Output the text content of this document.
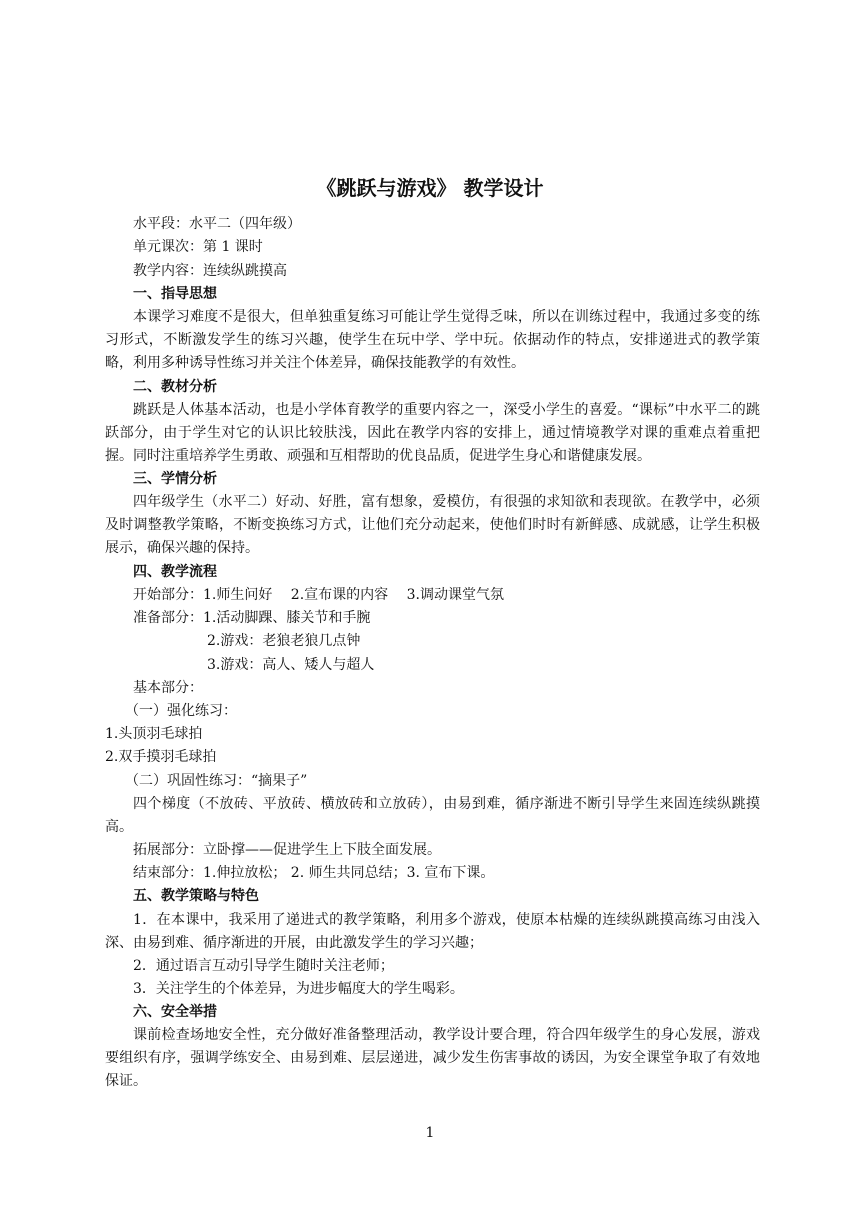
《跳跃与游戏》 教学设计
水平段：水平二（四年级）
单元课次：第 1 课时
教学内容：连续纵跳摸高
一、指导思想

本课学习难度不是很大，但单独重复练习可能让学生觉得乏味，所以在训练过程中，我通过多变的练习形式，不断激发学生的练习兴趣，使学生在玩中学、学中玩。依据动作的特点，安排递进式的教学策略，利用多种诱导性练习并关注个体差异，确保技能教学的有效性。

二、教材分析

跳跃是人体基本活动，也是小学体育教学的重要内容之一，深受小学生的喜爱。“课标”中水平二的跳跃部分，由于学生对它的认识比较肤浅，因此在教学内容的安排上，通过情境教学对课的重难点着重把握。同时注重培养学生勇敢、顽强和互相帮助的优良品质，促进学生身心和谐健康发展。

三、学情分析

四年级学生（水平二）好动、好胜，富有想象，爱模仿，有很强的求知欲和表现欲。在教学中，必须及时调整教学策略，不断变换练习方式，让他们充分动起来，使他们时时有新鲜感、成就感，让学生积极展示，确保兴趣的保持。

四、教学流程
开始部分：1.师生问好　 2.宣布课的内容　 3.调动课堂气氛
准备部分：1.活动脚踝、膝关节和手腕
2.游戏：老狼老狼几点钟
3.游戏：高人、矮人与超人
基本部分：
（一）强化练习：
1.头顶羽毛球拍
2.双手摸羽毛球拍
（二）巩固性练习：“摘果子”

四个梯度（不放砖、平放砖、横放砖和立放砖），由易到难，循序渐进不断引导学生来固连续纵跳摸高。

拓展部分：立卧撑——促进学生上下肢全面发展。
结束部分：1.伸拉放松； 2. 师生共同总结；3. 宣布下课。
五、教学策略与特色

1．在本课中，我采用了递进式的教学策略，利用多个游戏，使原本枯燥的连续纵跳摸高练习由浅入深、由易到难、循序渐进的开展，由此激发学生的学习兴趣；

2．通过语言互动引导学生随时关注老师；
3．关注学生的个体差异，为进步幅度大的学生喝彩。
六、安全举措

课前检查场地安全性，充分做好准备整理活动，教学设计要合理，符合四年级学生的身心发展，游戏要组织有序，强调学练安全、由易到难、层层递进，减少发生伤害事故的诱因，为安全课堂争取了有效地保证。

1
